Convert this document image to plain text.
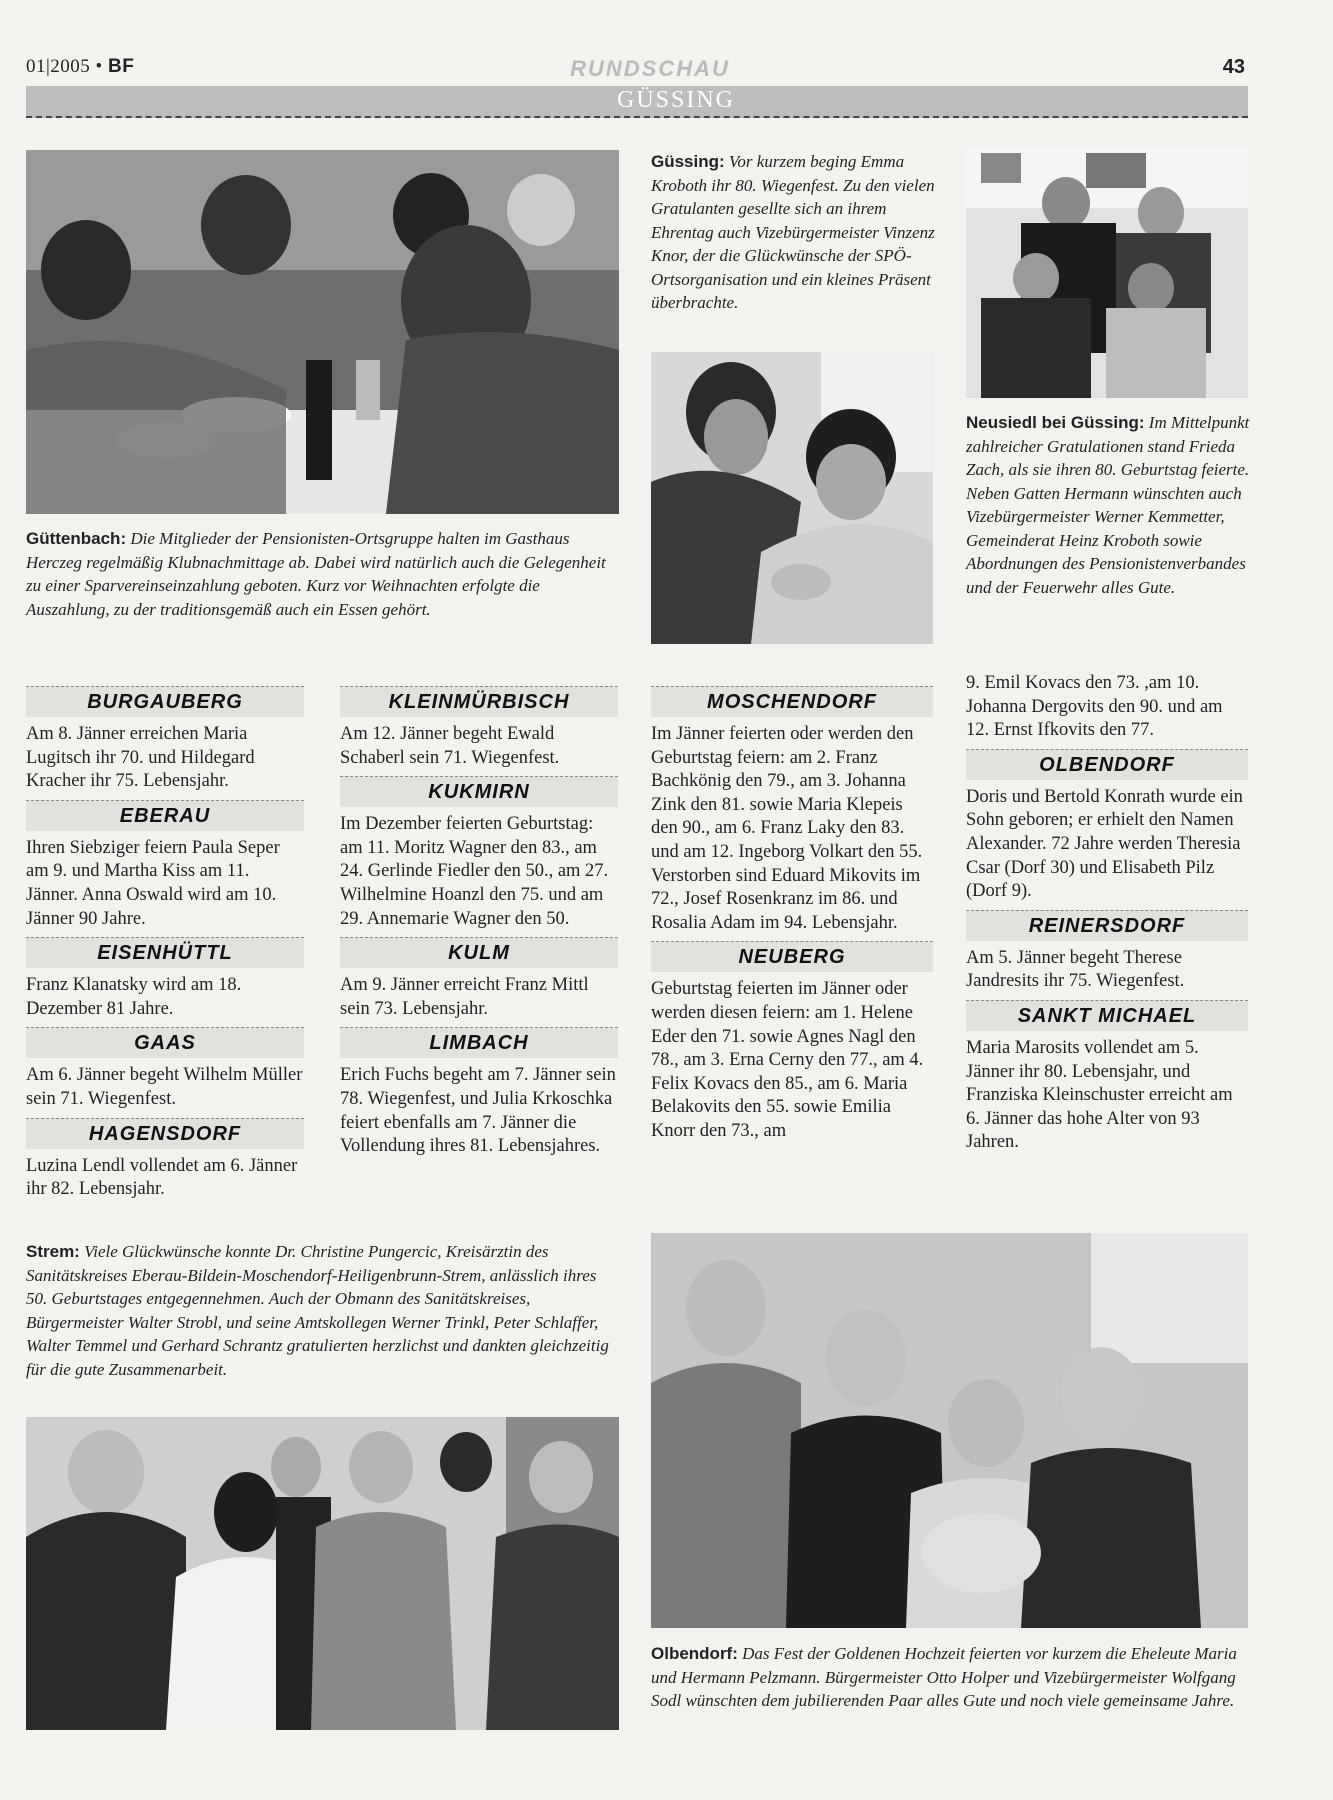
01|2005 • BF	RUNDSCHAU	43
GÜSSING
Güttenbach: Die Mitglieder der Pensionisten-Ortsgruppe halten im Gasthaus Herczeg regelmäßig Klubnachmittage ab. Dabei wird natürlich auch die Gelegenheit zu einer Sparvereinseinzahlung geboten. Kurz vor Weihnachten erfolgte die Auszahlung, zu der traditionsgemäß auch ein Essen gehört.
Güssing: Vor kurzem beging Emma Kroboth ihr 80. Wiegenfest. Zu den vielen Gratulanten gesellte sich an ihrem Ehrentag auch Vizebürgermeister Vinzenz Knor, der die Glückwünsche der SPÖ-Ortsorganisation und ein kleines Präsent überbrachte.
Neusiedl bei Güssing: Im Mittelpunkt zahlreicher Gratulationen stand Frieda Zach, als sie ihren 80. Geburtstag feierte. Neben Gatten Hermann wünschten auch Vizebürgermeister Werner Kemmetter, Gemeinderat Heinz Kroboth sowie Abordnungen des Pensionistenverbandes und der Feuerwehr alles Gute.
BURGAUBERG

Am 8. Jänner erreichen Maria Lugitsch ihr 70. und Hildegard Kracher ihr 75. Lebensjahr.

EBERAU

Ihren Siebziger feiern Paula Seper am 9. und Martha Kiss am 11. Jänner. Anna Oswald wird am 10. Jänner 90 Jahre.

EISENHÜTTL

Franz Klanatsky wird am 18. Dezember 81 Jahre.

GAAS

Am 6. Jänner begeht Wilhelm Müller sein 71. Wiegenfest.

HAGENSDORF

Luzina Lendl vollendet am 6. Jänner ihr 82. Lebensjahr.

KLEINMÜRBISCH

Am 12. Jänner begeht Ewald Schaberl sein 71. Wiegenfest.

KUKMIRN

Im Dezember feierten Geburtstag: am 11. Moritz Wagner den 83., am 24. Gerlinde Fiedler den 50., am 27. Wilhelmine Hoanzl den 75. und am 29. Annemarie Wagner den 50.

KULM

Am 9. Jänner erreicht Franz Mittl sein 73. Lebensjahr.

LIMBACH

Erich Fuchs begeht am 7. Jänner sein 78. Wiegenfest, und Julia Krkoschka feiert ebenfalls am 7. Jänner die Vollendung ihres 81. Lebensjahres.

MOSCHENDORF

Im Jänner feierten oder werden den Geburtstag feiern: am 2. Franz Bachkönig den 79., am 3. Johanna Zink den 81. sowie Maria Klepeis den 90., am 6. Franz Laky den 83. und am 12. Ingeborg Volkart den 55. Verstorben sind Eduard Mikovits im 72., Josef Rosenkranz im 86. und Rosalia Adam im 94. Lebensjahr.

NEUBERG

Geburtstag feierten im Jänner oder werden diesen feiern: am 1. Helene Eder den 71. sowie Agnes Nagl den 78., am 3. Erna Cerny den 77., am 4. Felix Kovacs den 85., am 6. Maria Belakovits den 55. sowie Emilia Knorr den 73., am

9. Emil Kovacs den 73. ,am 10. Johanna Dergovits den 90. und am 12. Ernst Ifkovits den 77.

OLBENDORF

Doris und Bertold Konrath wurde ein Sohn geboren; er erhielt den Namen Alexander. 72 Jahre werden Theresia Csar (Dorf 30) und Elisabeth Pilz (Dorf 9).

REINERSDORF

Am 5. Jänner begeht Therese Jandresits ihr 75. Wiegenfest.

SANKT MICHAEL

Maria Marosits vollendet am 5. Jänner ihr 80. Lebensjahr, und Franziska Kleinschuster erreicht am 6. Jänner das hohe Alter von 93 Jahren.

Strem: Viele Glückwünsche konnte Dr. Christine Pungercic, Kreisärztin des Sanitätskreises Eberau-Bildein-Moschendorf-Heiligenbrunn-Strem, anlässlich ihres 50. Geburtstages entgegennehmen. Auch der Obmann des Sanitätskreises, Bürgermeister Walter Strobl, und seine Amtskollegen Werner Trinkl, Peter Schlaffer, Walter Temmel und Gerhard Schrantz gratulierten herzlichst und dankten gleichzeitig für die gute Zusammenarbeit.
Olbendorf: Das Fest der Goldenen Hochzeit feierten vor kurzem die Eheleute Maria und Hermann Pelzmann. Bürgermeister Otto Holper und Vizebürgermeister Wolfgang Sodl wünschten dem jubilierenden Paar alles Gute und noch viele gemeinsame Jahre.
